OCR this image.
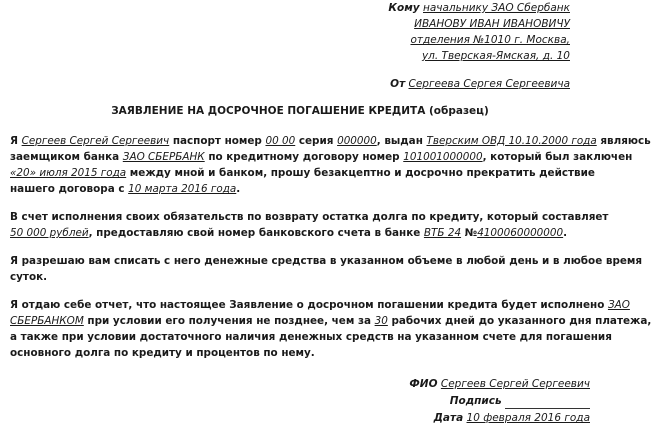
Кому начальнику ЗАО Сбербанк
ИВАНОВУ ИВАН ИВАНОВИЧУ
отделения №1010 г. Москва,
ул. Тверская-Ямская, д. 10
От Сергеева Сергея Сергеевича
ЗАЯВЛЕНИЕ НА ДОСРОЧНОЕ ПОГАШЕНИЕ КРЕДИТА (образец)
Я Сергеев Сергей Сергеевич паспорт номер 00 00 серия 000000, выдан Тверским ОВД 10.10.2000 года являюсь
заемщиком банка ЗАО СБЕРБАНК по кредитному договору номер 101001000000, который был заключен
«20» июля 2015 года между мной и банком, прошу безакцептно и досрочно прекратить действие
нашего договора с 10 марта 2016 года.
В счет исполнения своих обязательств по возврату остатка долга по кредиту, который составляет
50 000 рублей, предоставляю свой номер банковского счета в банке ВТБ 24 №4100060000000.
Я разрешаю вам списать с него денежные средства в указанном объеме в любой день и в любое время
суток.
Я отдаю себе отчет, что настоящее Заявление о досрочном погашении кредита будет исполнено ЗАО
СБЕРБАНКОМ при условии его получения не позднее, чем за 30 рабочих дней до указанного дня платежа,
а также при условии достаточного наличия денежных средств на указанном счете для погашения
основного долга по кредиту и процентов по нему.
ФИО Сергеев Сергей Сергеевич
Подпись
Дата 10 февраля 2016 года
